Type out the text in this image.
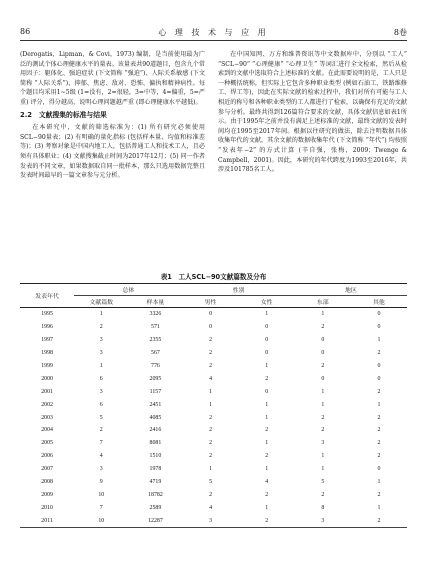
86	心 理 技 术 与 应 用	8卷

(Derogatis，Lipman，& Covi，1973) 编制，是当前使用最为广泛的测试个体心理健康水平的量表。该量表共90道题目，包含九个常用因子：躯体化、强迫症状 (下文简称 “强迫”)、人际关系敏感 (下文简称 “人际关系”)、抑郁、焦虑、敌对、恐怖、偏执和精神病性。每个题目均采用1~5级 (1=没有，2=很轻，3=中等，4=偏重，5=严重) 评分，得分越高，说明心理问题越严重 (即心理健康水平越低)。

2.2　文献搜集的标准与结果

在本研究中，文献的筛选标准为：(1) 所有研究必须使用SCL−90量表；(2) 有明确的量化指标 (包括样本量、均值和标准差等)；(3) 考察对象是中国内地工人，包括普通工人和技术工人，且必须有具体职业；(4) 文献搜集截止时间为2017年12月；(5) 同一作者发表的不同文章，如果数据取自同一批样本，那么只选用数据完整且发表时间最早的一篇文章参与元分析。

在中国知网、万方和维普资讯等中文数据库中，分别以 “工人” “SCL−90” “心理健康” “心理卫生” 等词汇进行全文检索，然后从检索到的文献中选取符合上述标准的文献。在此需要说明的是，工人只是一种概括统称，但实际上它包含多种职业类型 (例如石油工、铁路维修工、焊工等)，因此在实际文献的检索过程中，我们对所有可能与工人相近的称号和各种职业类型的工人都进行了检索，以确保有充足的文献参与分析。最终共得到126篇符合要求的文献，具体文献信息如表1所示。由于1995年之前并没有满足上述标准的文献，最终文献的发表时间均在1995至2017年间。根据以往研究的做法，除去注明数据具体收集年代的文献，其余文献的数据收集年代 (下文简称 “年代”) 均按照 “发表年−2” 的方式计算 (辛自强，张梅，2009；Twenge & Campbell，2001)。因此，本研究的年代跨度为1993至2016年，共涉及101785名工人。

表1　工人SCL−90文献篇数及分布
发表年代	总体		性别		地区	
	文献篇数	样本量	男性	女性	东部	其他
1995	1	3326	0	1	1	0
1996	2	571	0	0	2	0
1997	3	2355	2	0	0	1
1998	3	567	2	0	0	2
1999	1	776	2	1	2	0
2000	6	2095	4	2	0	0
2001	3	1157	1	0	1	2
2002	6	2451	1	1	1	1
2003	5	4085	2	1	2	2
2004	2	2416	2	2	2	2
2005	7	8081	2	1	3	2
2006	4	1510	2	2	1	2
2007	3	1978	1	1	1	0
2008	9	4719	5	4	5	1
2009	10	18782	2	2	2	2
2010	7	2589	4	1	8	1
2011	10	12287	3	2	3	2
